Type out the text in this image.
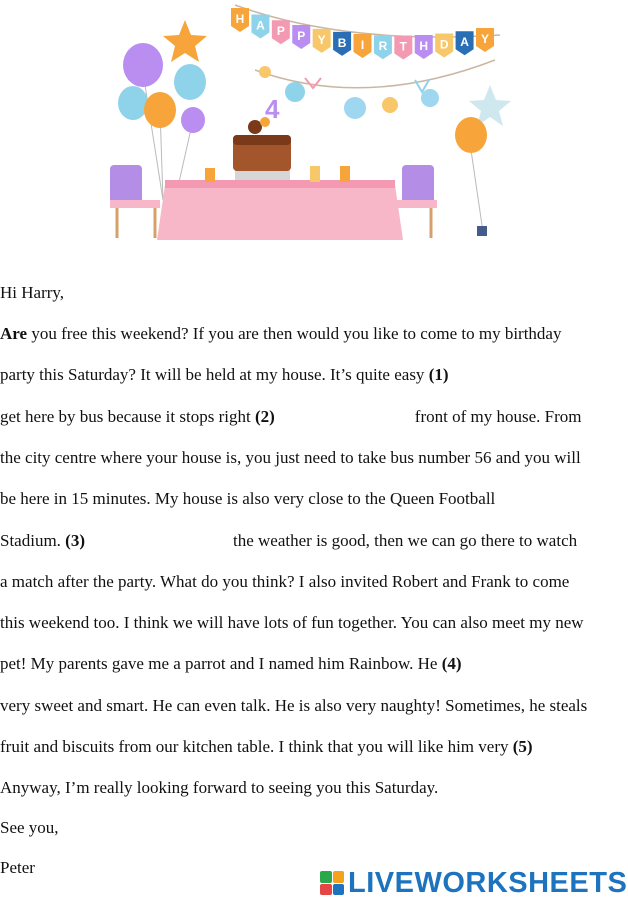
H A P P Y B I R T H D A Y
4
Hi Harry,
Are you free this weekend? If you are then would you like to come to my birthday
party this Saturday? It will be held at my house. It’s quite easy (1)
get here by bus because it stops right (2)	front of my house. From
the city centre where your house is, you just need to take bus number 56 and you will
be here in 15 minutes. My house is also very close to the Queen Football
Stadium. (3)	the weather is good, then we can go there to watch
a match after the party. What do you think? I also invited Robert and Frank to come
this weekend too. I think we will have lots of fun together. You can also meet my new
pet! My parents gave me a parrot and I named him Rainbow. He (4)
very sweet and smart. He can even talk. He is also very naughty! Sometimes, he steals
fruit and biscuits from our kitchen table. I think that you will like him very (5)
Anyway, I’m really looking forward to seeing you this Saturday.
See you,
Peter	LIVEWORKSHEETS
